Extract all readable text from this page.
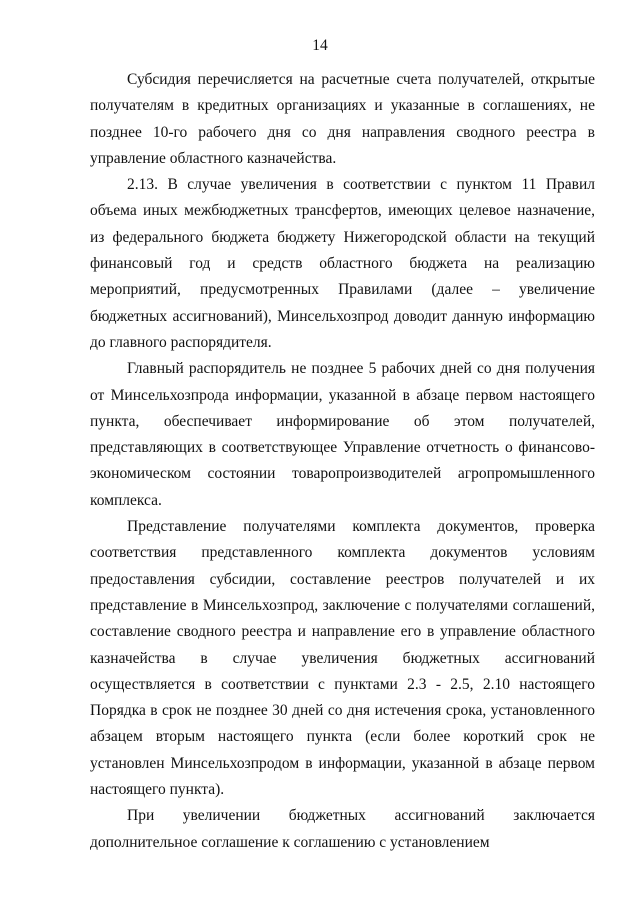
14

Субсидия перечисляется на расчетные счета получателей, открытые получателям в кредитных организациях и указанные в соглашениях, не позднее 10-го рабочего дня со дня направления сводного реестра в управление областного казначейства.

2.13. В случае увеличения в соответствии с пунктом 11 Правил объема иных межбюджетных трансфертов, имеющих целевое назначение, из федерального бюджета бюджету Нижегородской области на текущий финансовый год и средств областного бюджета на реализацию мероприятий, предусмотренных Правилами (далее – увеличение бюджетных ассигнований), Минсельхозпрод доводит данную информацию до главного распорядителя.

Главный распорядитель не позднее 5 рабочих дней со дня получения от Минсельхозпрода информации, указанной в абзаце первом настоящего пункта, обеспечивает информирование об этом получателей, представляющих в соответствующее Управление отчетность о финансово-экономическом состоянии товаропроизводителей агропромышленного комплекса.

Представление получателями комплекта документов, проверка соответствия представленного комплекта документов условиям предоставления субсидии, составление реестров получателей и их представление в Минсельхозпрод, заключение с получателями соглашений, составление сводного реестра и направление его в управление областного казначейства в случае увеличения бюджетных ассигнований осуществляется в соответствии с пунктами 2.3 - 2.5, 2.10 настоящего Порядка в срок не позднее 30 дней со дня истечения срока, установленного абзацем вторым настоящего пункта (если более короткий срок не установлен Минсельхозпродом в информации, указанной в абзаце первом настоящего пункта).

При увеличении бюджетных ассигнований заключается дополнительное соглашение к соглашению с установлением
